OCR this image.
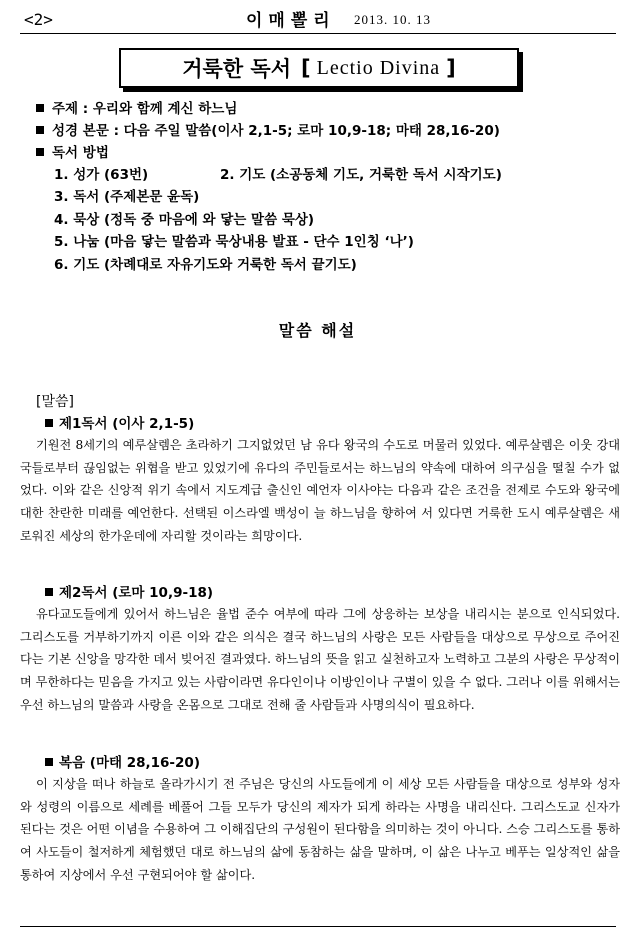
<2>	이매뽈리 2013. 10. 13
거룩한 독서 [ Lectio Divina ]
주제 : 우리와 함께 계신 하느님
성경 본문 : 다음 주일 말씀(이사 2,1-5; 로마 10,9-18; 마태 28,16-20)
독서 방법
1. 성가 (63번)	2. 기도 (소공동체 기도, 거룩한 독서 시작기도)
3. 독서 (주제본문 윤독)
4. 묵상 (정독 중 마음에 와 닿는 말씀 묵상)
5. 나눔 (마음 닿는 말씀과 묵상내용 발표 - 단수 1인칭 ‘나’)
6. 기도 (차례대로 자유기도와 거룩한 독서 끝기도)
말씀 해설
[말씀]
제1독서 (이사 2,1-5)
기원전 8세기의 예루살렘은 초라하기 그지없었던 남 유다 왕국의 수도로 머물러 있었다. 예루살렘은 이웃 강대국들로부터 끊임없는 위협을 받고 있었기에 유다의 주민들로서는 하느님의 약속에 대하여 의구심을 떨칠 수가 없었다. 이와 같은 신앙적 위기 속에서 지도계급 출신인 예언자 이사야는 다음과 같은 조건을 전제로 수도와 왕국에 대한 찬란한 미래를 예언한다. 선택된 이스라엘 백성이 늘 하느님을 향하여 서 있다면 거룩한 도시 예루살렘은 새로워진 세상의 한가운데에 자리할 것이라는 희망이다.
제2독서 (로마 10,9-18)
유다교도들에게 있어서 하느님은 율법 준수 여부에 따라 그에 상응하는 보상을 내리시는 분으로 인식되었다. 그리스도를 거부하기까지 이른 이와 같은 의식은 결국 하느님의 사랑은 모든 사람들을 대상으로 무상으로 주어진다는 기본 신앙을 망각한 데서 빚어진 결과였다. 하느님의 뜻을 읽고 실천하고자 노력하고 그분의 사랑은 무상적이며 무한하다는 믿음을 가지고 있는 사람이라면 유다인이나 이방인이나 구별이 있을 수 없다. 그러나 이를 위해서는 우선 하느님의 말씀과 사랑을 온몸으로 그대로 전해 줄 사람들과 사명의식이 필요하다.
복음 (마태 28,16-20)
이 지상을 떠나 하늘로 올라가시기 전 주님은 당신의 사도들에게 이 세상 모든 사람들을 대상으로 성부와 성자와 성령의 이름으로 세례를 베풀어 그들 모두가 당신의 제자가 되게 하라는 사명을 내리신다. 그리스도교 신자가 된다는 것은 어떤 이념을 수용하여 그 이해집단의 구성원이 된다함을 의미하는 것이 아니다. 스승 그리스도를 통하여 사도들이 철저하게 체험했던 대로 하느님의 삶에 동참하는 삶을 말하며, 이 삶은 나누고 베푸는 일상적인 삶을 통하여 지상에서 우선 구현되어야 할 삶이다.
